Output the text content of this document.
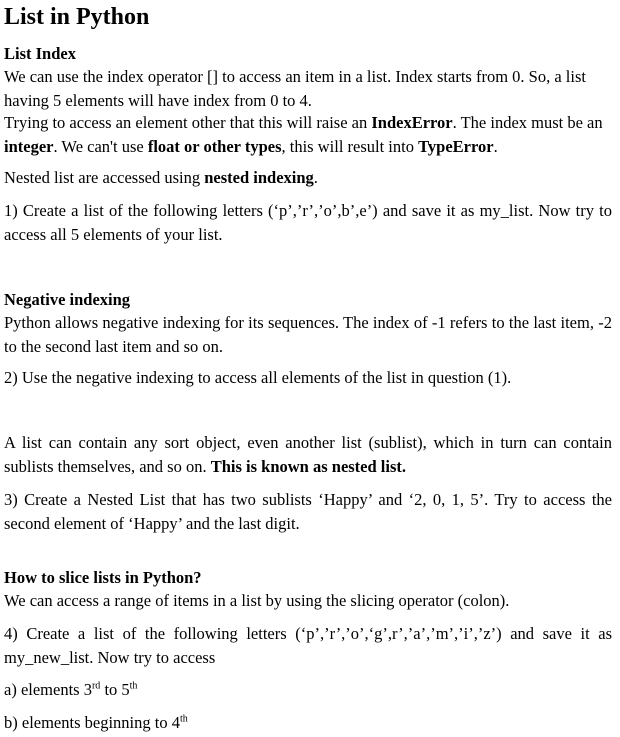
List in Python
List Index

We can use the index operator [] to access an item in a list. Index starts from 0. So, a list having 5 elements will have index from 0 to 4.

Trying to access an element other that this will raise an IndexError. The index must be an integer. We can't use float or other types, this will result into TypeError.

Nested list are accessed using nested indexing.

1) Create a list of the following letters (‘p’,’r’,’o’,b’,e’) and save it as my_list. Now try to access all 5 elements of your list.

Negative indexing

Python allows negative indexing for its sequences. The index of -1 refers to the last item, -2 to the second last item and so on.

2) Use the negative indexing to access all elements of the list in question (1).

A list can contain any sort object, even another list (sublist), which in turn can contain sublists themselves, and so on. This is known as nested list.

3) Create a Nested List that has two sublists ‘Happy’ and ‘2, 0, 1, 5’. Try to access the second element of ‘Happy’ and the last digit.

How to slice lists in Python?

We can access a range of items in a list by using the slicing operator (colon).

4) Create a list of the following letters (‘p’,’r’,’o’,‘g’,r’,’a’,’m’,’i’,’z’) and save it as my_new_list. Now try to access

a) elements 3rd to 5th

b) elements beginning to 4th
